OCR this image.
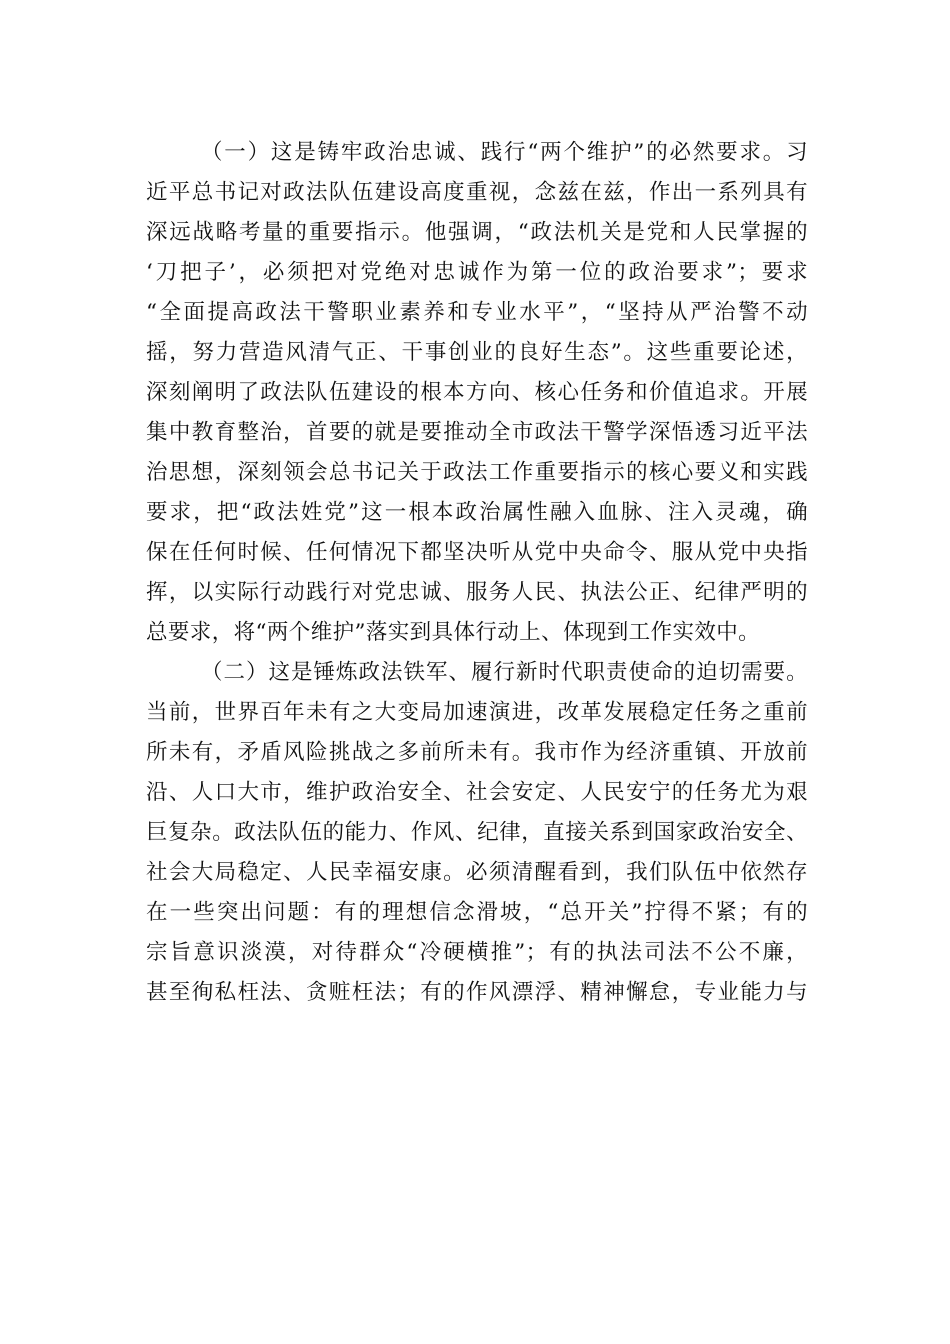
（一）这是铸牢政治忠诚、践行“两个维护”的必然要求。习
近平总书记对政法队伍建设高度重视，念兹在兹，作出一系列具有
深远战略考量的重要指示。他强调，“政法机关是党和人民掌握的
‘刀把子’，必须把对党绝对忠诚作为第一位的政治要求”；要求
“全面提高政法干警职业素养和专业水平”，“坚持从严治警不动
摇，努力营造风清气正、干事创业的良好生态”。这些重要论述，
深刻阐明了政法队伍建设的根本方向、核心任务和价值追求。开展
集中教育整治，首要的就是要推动全市政法干警学深悟透习近平法
治思想，深刻领会总书记关于政法工作重要指示的核心要义和实践
要求，把“政法姓党”这一根本政治属性融入血脉、注入灵魂，确
保在任何时候、任何情况下都坚决听从党中央命令、服从党中央指
挥，以实际行动践行对党忠诚、服务人民、执法公正、纪律严明的
总要求，将“两个维护”落实到具体行动上、体现到工作实效中。
（二）这是锤炼政法铁军、履行新时代职责使命的迫切需要。
当前，世界百年未有之大变局加速演进，改革发展稳定任务之重前
所未有，矛盾风险挑战之多前所未有。我市作为经济重镇、开放前
沿、人口大市，维护政治安全、社会安定、人民安宁的任务尤为艰
巨复杂。政法队伍的能力、作风、纪律，直接关系到国家政治安全、
社会大局稳定、人民幸福安康。必须清醒看到，我们队伍中依然存
在一些突出问题：有的理想信念滑坡，“总开关”拧得不紧；有的
宗旨意识淡漠，对待群众“冷硬横推”；有的执法司法不公不廉，
甚至徇私枉法、贪赃枉法；有的作风漂浮、精神懈怠，专业能力与
